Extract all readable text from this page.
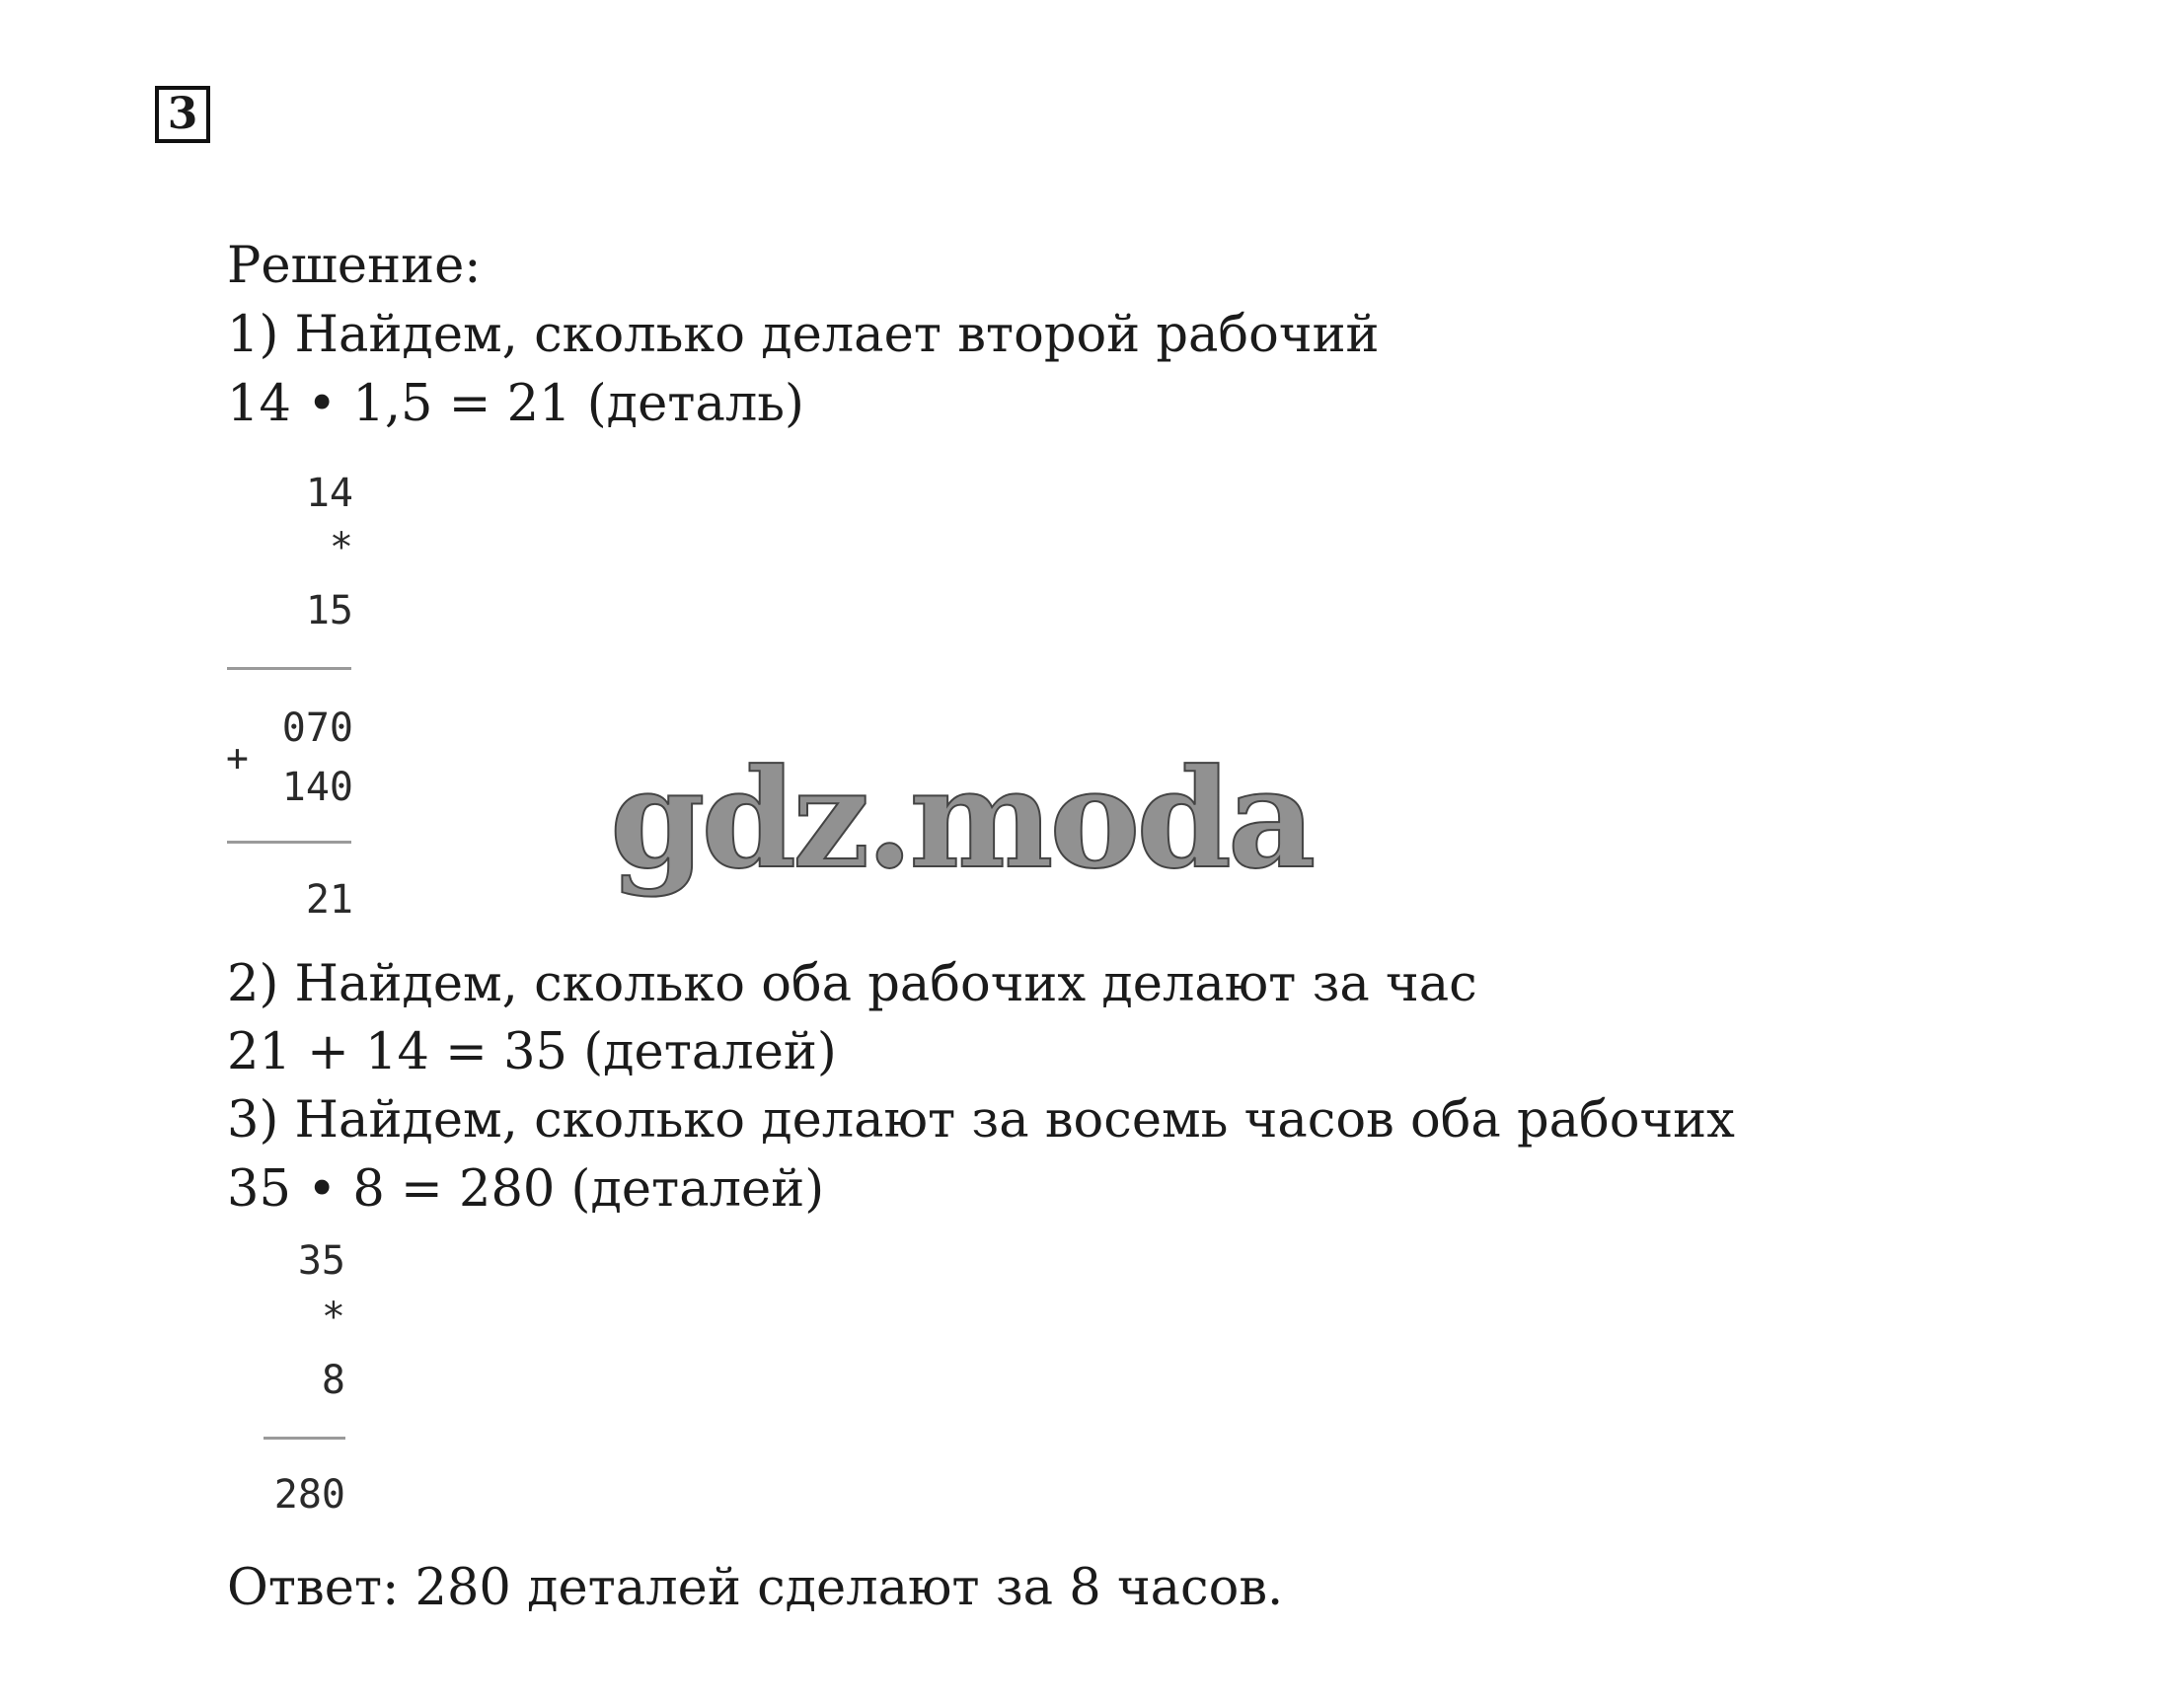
3
Решение:
1) Найдем, сколько делает второй рабочий
14 • 1,5 = 21 (деталь)
14
*
15
070
+
140
21
gdz.moda
2) Найдем, сколько оба рабочих делают за час
21 + 14 = 35 (деталей)
3) Найдем, сколько делают за восемь часов оба рабочих
35 • 8 = 280 (деталей)
35
*
8
280
Ответ: 280 деталей сделают за 8 часов.
